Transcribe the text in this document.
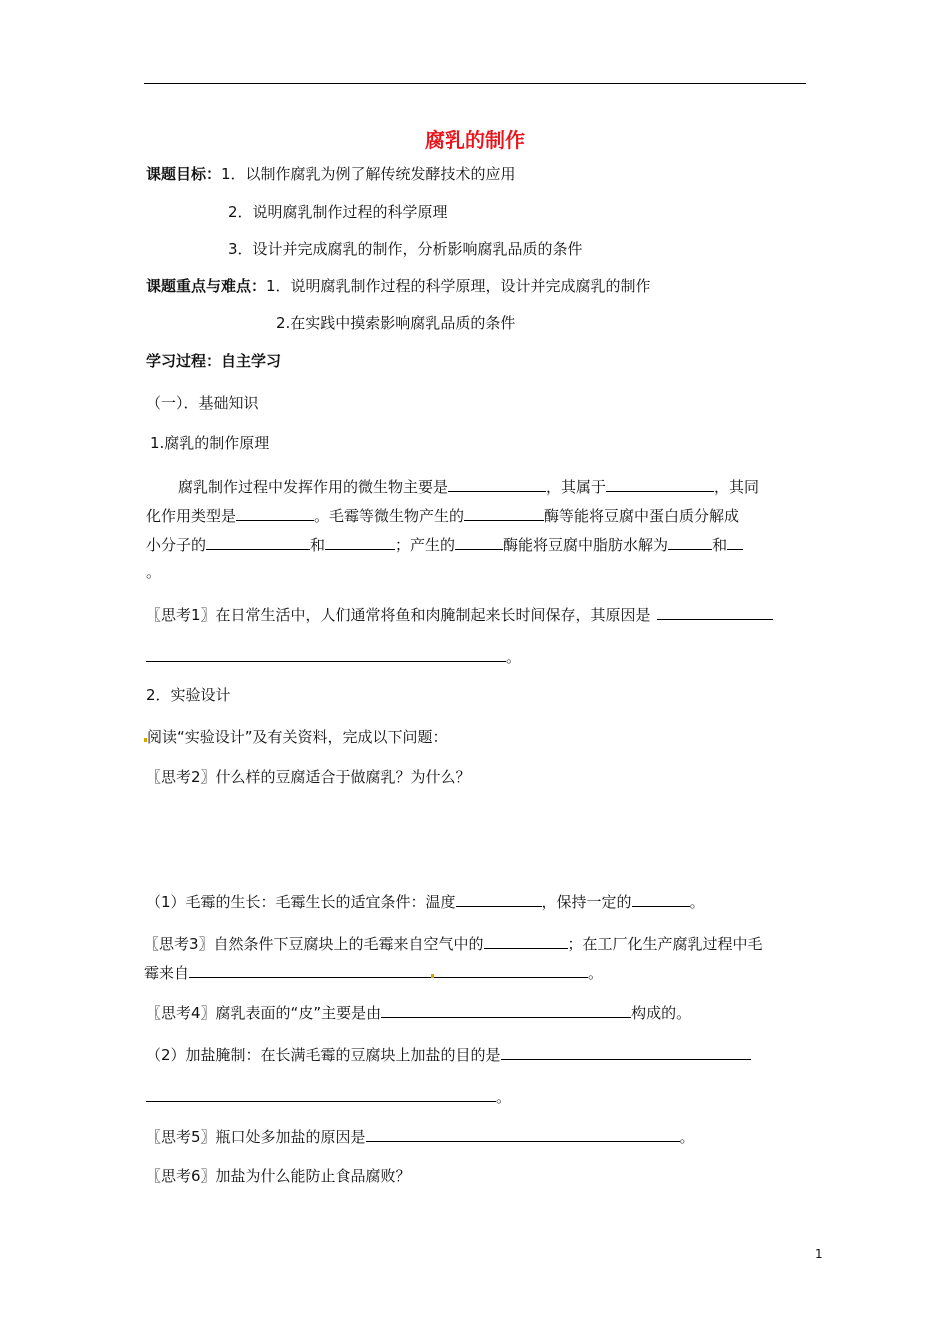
腐乳的制作
课题目标：1．以制作腐乳为例了解传统发酵技术的应用
2．说明腐乳制作过程的科学原理
3．设计并完成腐乳的制作，分析影响腐乳品质的条件
课题重点与难点：1．说明腐乳制作过程的科学原理，设计并完成腐乳的制作
2.在实践中摸索影响腐乳品质的条件
学习过程：自主学习
（一）．基础知识
1.腐乳的制作原理
腐乳制作过程中发挥作用的微生物主要是	，其属于	，其同
化作用类型是	。毛霉等微生物产生的	酶等能将豆腐中蛋白质分解成
小分子的	和	；产生的	酶能将豆腐中脂肪水解为	和
。
〖思考1〗在日常生活中，人们通常将鱼和肉腌制起来长时间保存，其原因是
。
2．实验设计
阅读“实验设计”及有关资料，完成以下问题：
〖思考2〗什么样的豆腐适合于做腐乳？为什么？
（1）毛霉的生长：毛霉生长的适宜条件：温度	，保持一定的	。
〖思考3〗自然条件下豆腐块上的毛霉来自空气中的	；在工厂化生产腐乳过程中毛
霉来自	。
〖思考4〗腐乳表面的“皮”主要是由	构成的。
（2）加盐腌制：在长满毛霉的豆腐块上加盐的目的是
。
〖思考5〗瓶口处多加盐的原因是	。
〖思考6〗加盐为什么能防止食品腐败？
1
